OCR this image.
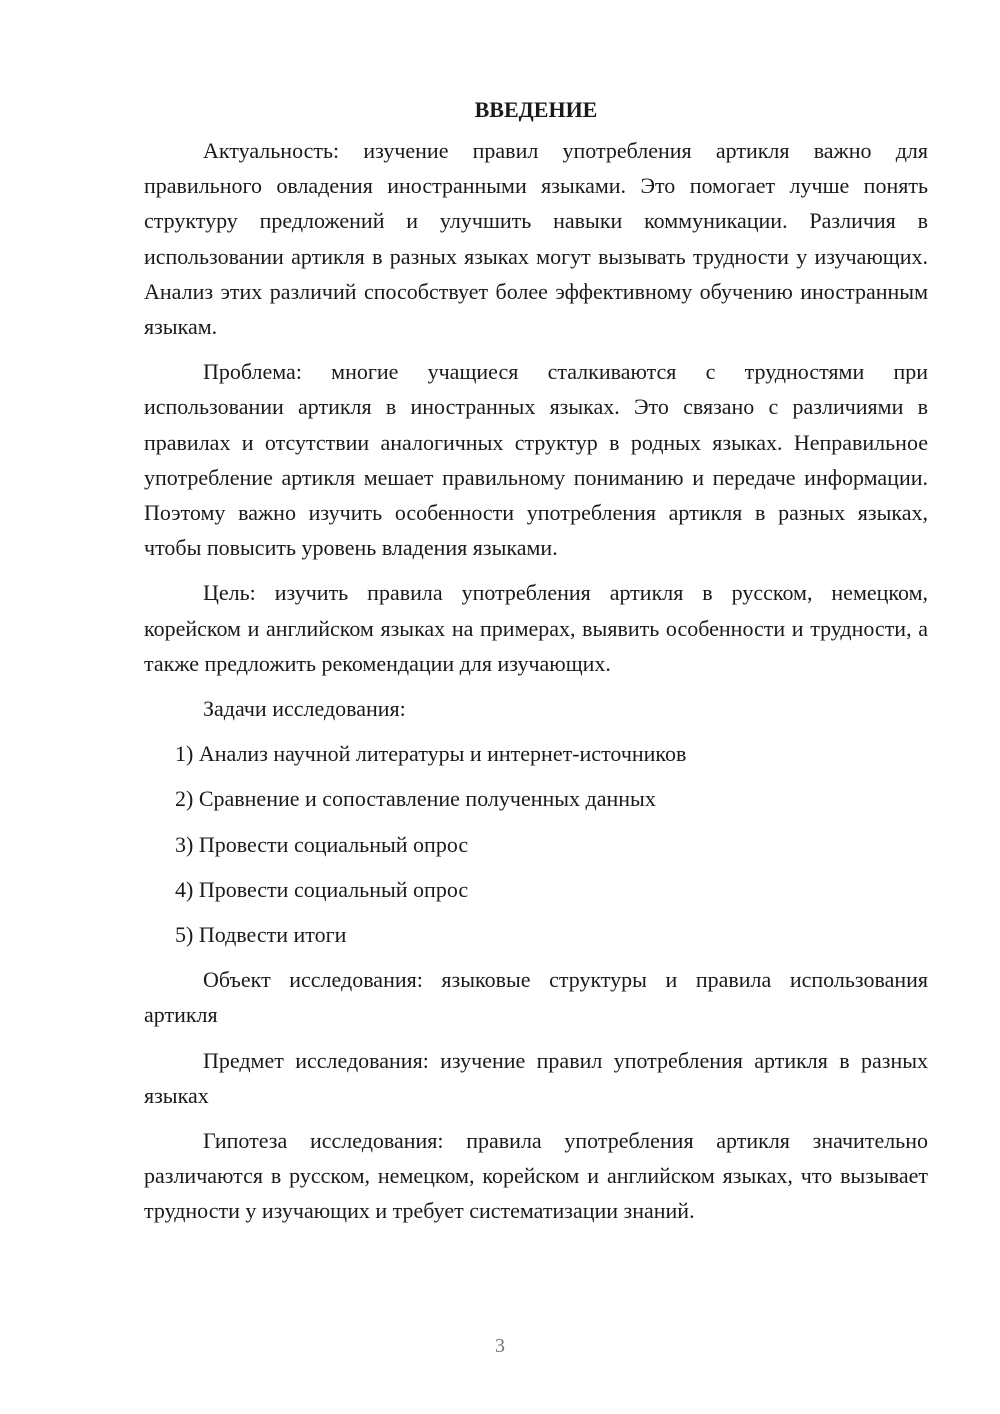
ВВЕДЕНИЕ

Актуальность: изучение правил употребления артикля важно для правильного овладения иностранными языками. Это помогает лучше понять структуру предложений и улучшить навыки коммуникации. Различия в использовании артикля в разных языках могут вызывать трудности у изучающих. Анализ этих различий способствует более эффективному обучению иностранным языкам.

Проблема: многие учащиеся сталкиваются с трудностями при использовании артикля в иностранных языках. Это связано с различиями в правилах и отсутствии аналогичных структур в родных языках. Неправильное употребление артикля мешает правильному пониманию и передаче информации. Поэтому важно изучить особенности употребления артикля в разных языках, чтобы повысить уровень владения языками.

Цель: изучить правила употребления артикля в русском, немецком, корейском и английском языках на примерах, выявить особенности и трудности, а также предложить рекомендации для изучающих.

Задачи исследования:

1) Анализ научной литературы и интернет-источников
2) Сравнение и сопоставление полученных данных
3) Провести социальный опрос
4) Провести социальный опрос
5) Подвести итоги

Объект исследования: языковые структуры и правила использования артикля

Предмет исследования: изучение правил употребления артикля в разных языках

Гипотеза исследования: правила употребления артикля значительно различаются в русском, немецком, корейском и английском языках, что вызывает трудности у изучающих и требует систематизации знаний.

3
